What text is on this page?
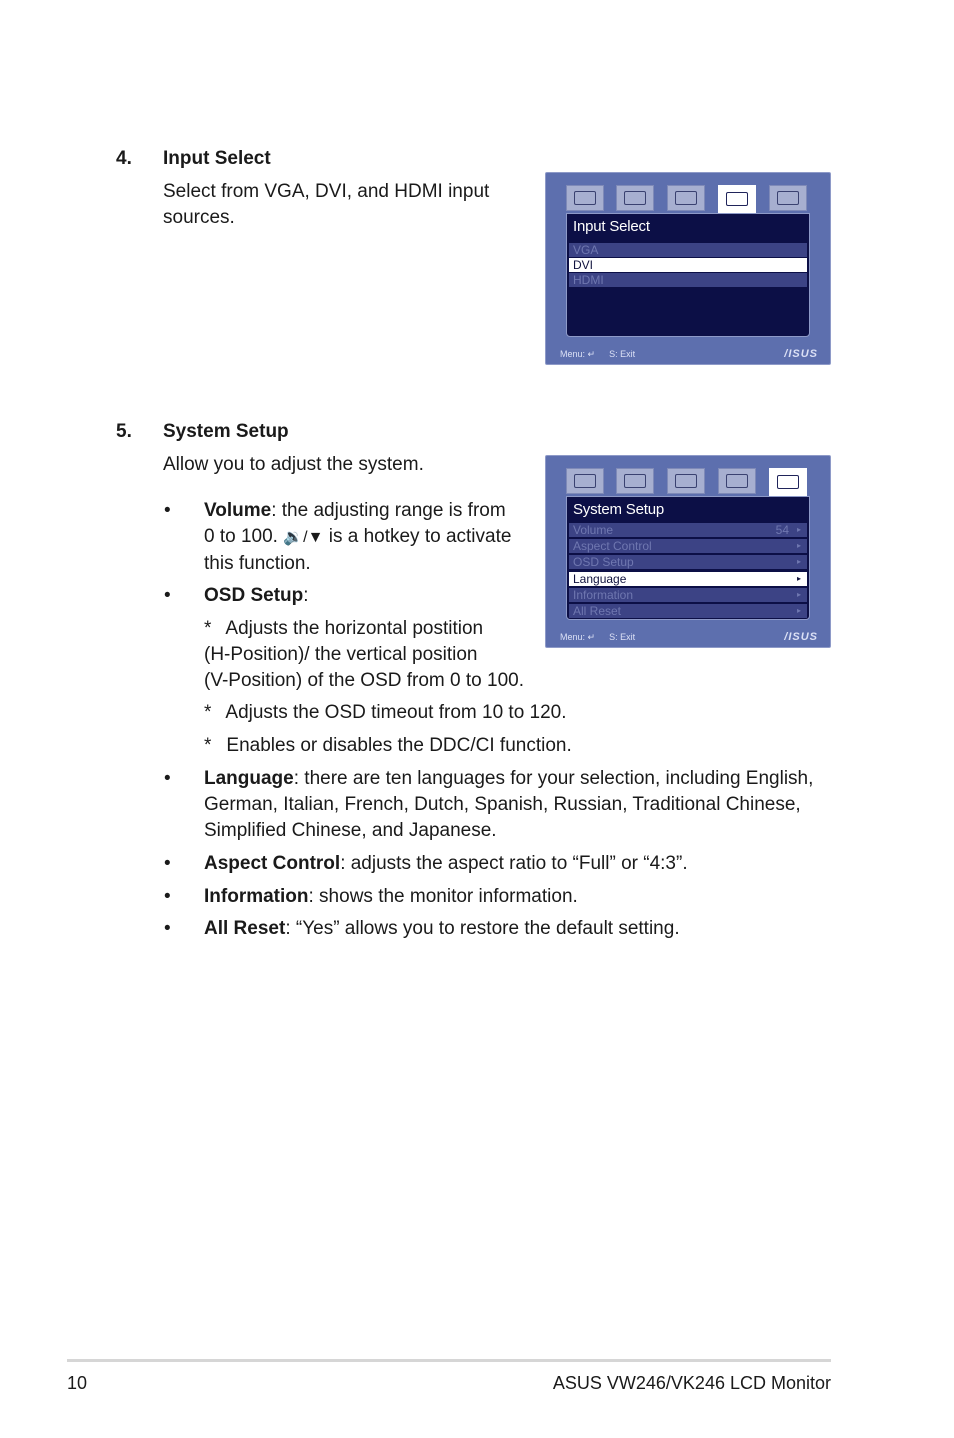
4. Input Select
Select from VGA, DVI, and HDMI input
sources.	Input Select
VGA
DVI
HDMI
Menu: ↵ S: Exit	/ISUS
5. System Setup
Allow you to adjust the system.
• Volume: the adjusting range is from
0 to 100. 🔉/▼ is a hotkey to activate
this function.
• OSD Setup:
* Adjusts the horizontal postition
(H-Position)/ the vertical position
(V-Position) of the OSD from 0 to 100.
* Adjusts the OSD timeout from 10 to 120.
* Enables or disables the DDC/CI function.
• Language: there are ten languages for your selection, including English,
German, Italian, French, Dutch, Spanish, Russian, Traditional Chinese,
Simplified Chinese, and Japanese.
• Aspect Control: adjusts the aspect ratio to “Full” or “4:3”.
• Information: shows the monitor information.
• All Reset: “Yes” allows you to restore the default setting.
System Setup
Volume	54 ▸
Aspect Control	▸
OSD Setup	▸
Language	▸
Information	▸
All Reset	▸
Menu: ↵ S: Exit	/ISUS
10	ASUS VW246/VK246 LCD Monitor
